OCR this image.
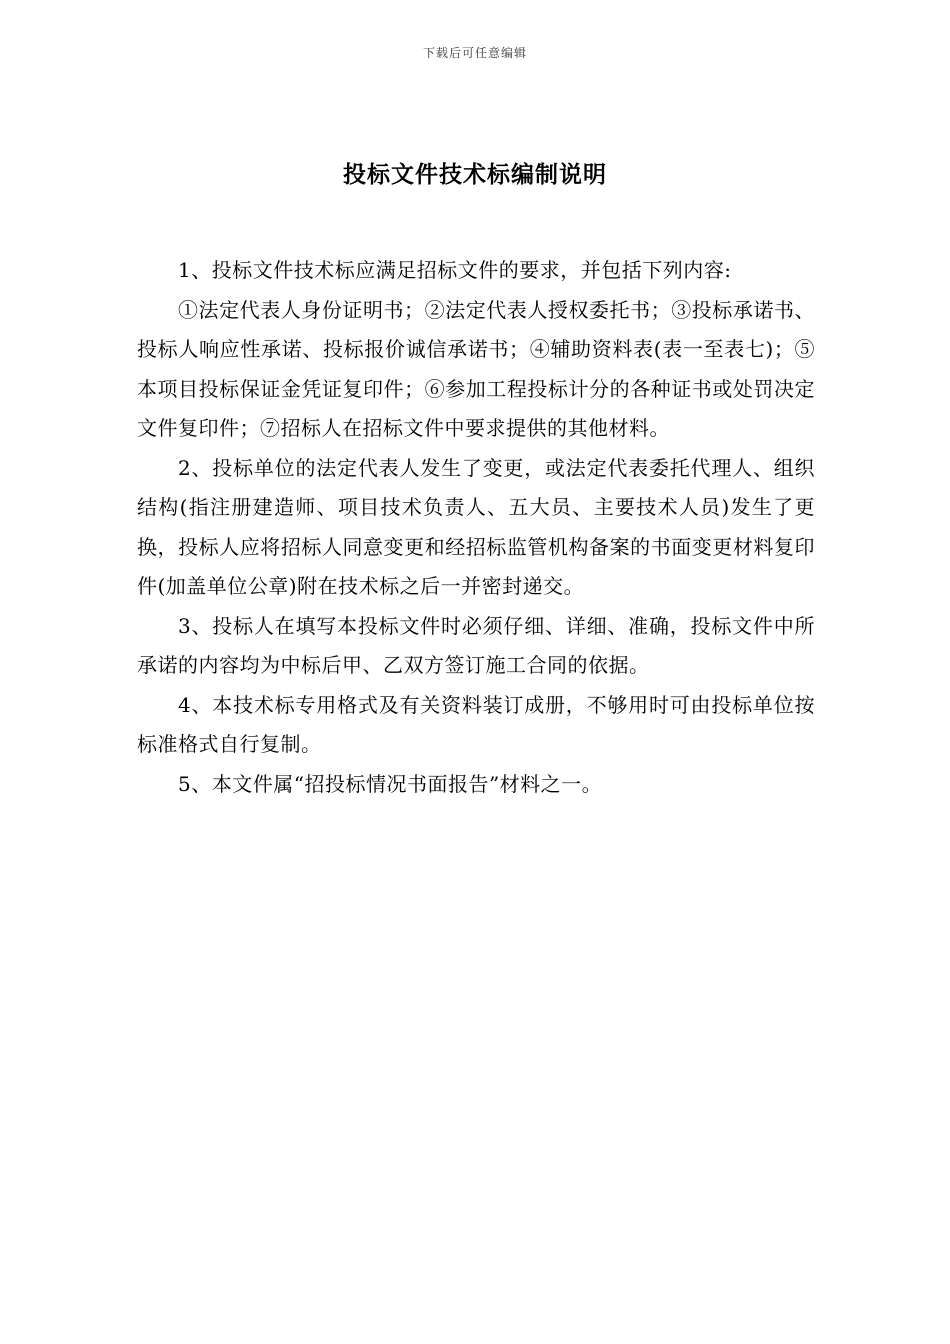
下载后可任意编辑
投标文件技术标编制说明

1、投标文件技术标应满足招标文件的要求，并包括下列内容:

①法定代表人身份证明书；②法定代表人授权委托书；③投标承诺书、投标人响应性承诺、投标报价诚信承诺书；④辅助资料表(表一至表七)；⑤本项目投标保证金凭证复印件；⑥参加工程投标计分的各种证书或处罚决定文件复印件；⑦招标人在招标文件中要求提供的其他材料。

2、投标单位的法定代表人发生了变更，或法定代表委托代理人、组织结构(指注册建造师、项目技术负责人、五大员、主要技术人员)发生了更换，投标人应将招标人同意变更和经招标监管机构备案的书面变更材料复印件(加盖单位公章)附在技术标之后一并密封递交。

3、投标人在填写本投标文件时必须仔细、详细、准确，投标文件中所承诺的内容均为中标后甲、乙双方签订施工合同的依据。

4、本技术标专用格式及有关资料装订成册，不够用时可由投标单位按标准格式自行复制。

5、本文件属“招投标情况书面报告”材料之一。
